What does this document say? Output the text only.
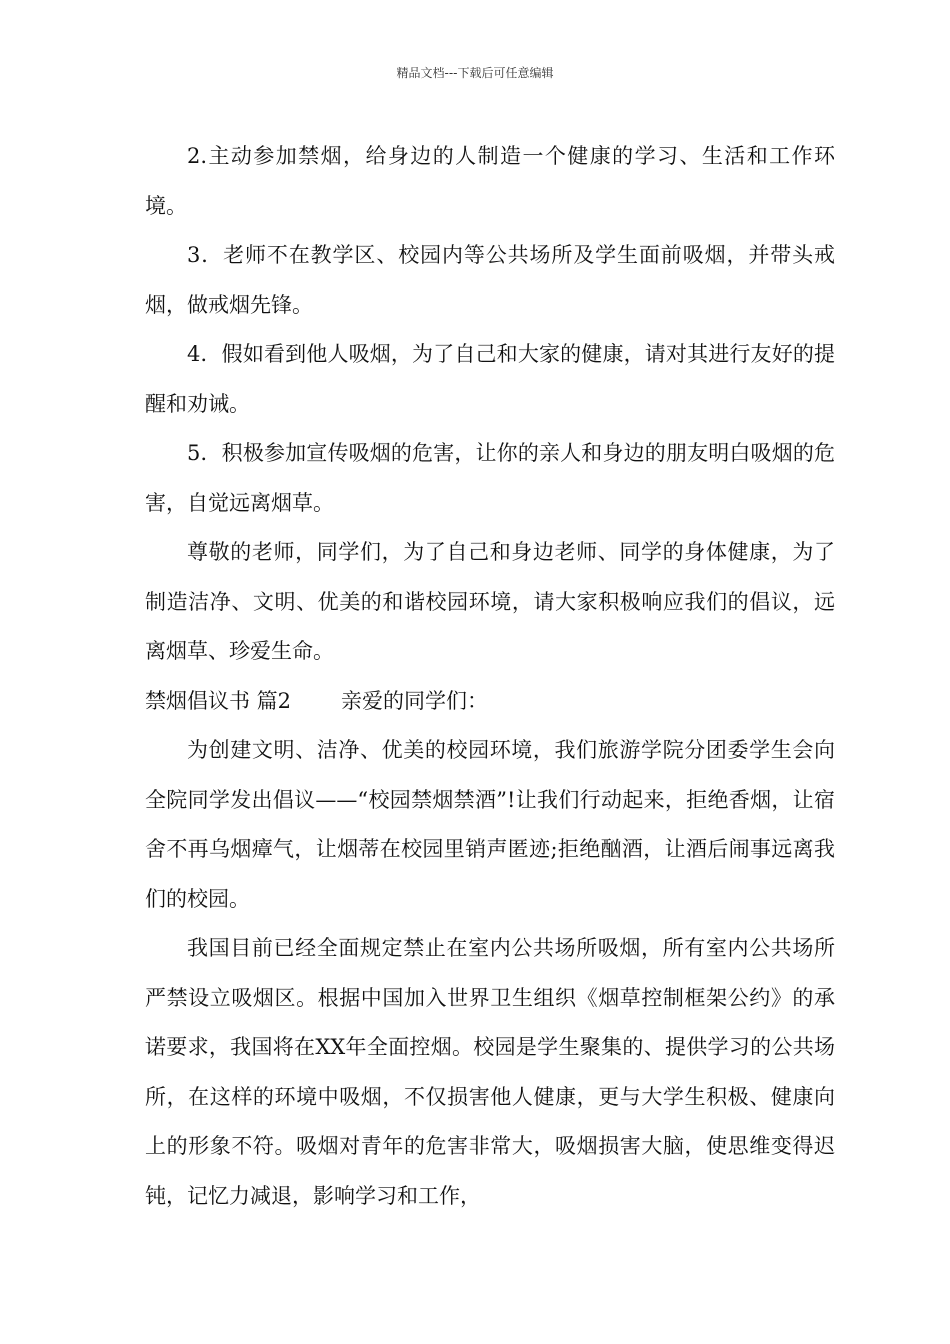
精品文档---下载后可任意编辑

2.主动参加禁烟，给身边的人制造一个健康的学习、生活和工作环境。

3．老师不在教学区、校园内等公共场所及学生面前吸烟，并带头戒烟，做戒烟先锋。

4．假如看到他人吸烟，为了自己和大家的健康，请对其进行友好的提醒和劝诫。

5．积极参加宣传吸烟的危害，让你的亲人和身边的朋友明白吸烟的危害，自觉远离烟草。

尊敬的老师，同学们，为了自己和身边老师、同学的身体健康，为了制造洁净、文明、优美的和谐校园环境，请大家积极响应我们的倡议，远离烟草、珍爱生命。

禁烟倡议书 篇2 亲爱的同学们：

为创建文明、洁净、优美的校园环境，我们旅游学院分团委学生会向全院同学发出倡议——“校园禁烟禁酒”!让我们行动起来，拒绝香烟，让宿舍不再乌烟瘴气，让烟蒂在校园里销声匿迹;拒绝酗酒，让酒后闹事远离我们的校园。

我国目前已经全面规定禁止在室内公共场所吸烟，所有室内公共场所严禁设立吸烟区。根据中国加入世界卫生组织《烟草控制框架公约》的承诺要求，我国将在XX年全面控烟。校园是学生聚集的、提供学习的公共场所，在这样的环境中吸烟，不仅损害他人健康，更与大学生积极、健康向上的形象不符。吸烟对青年的危害非常大，吸烟损害大脑，使思维变得迟钝，记忆力减退，影响学习和工作，
